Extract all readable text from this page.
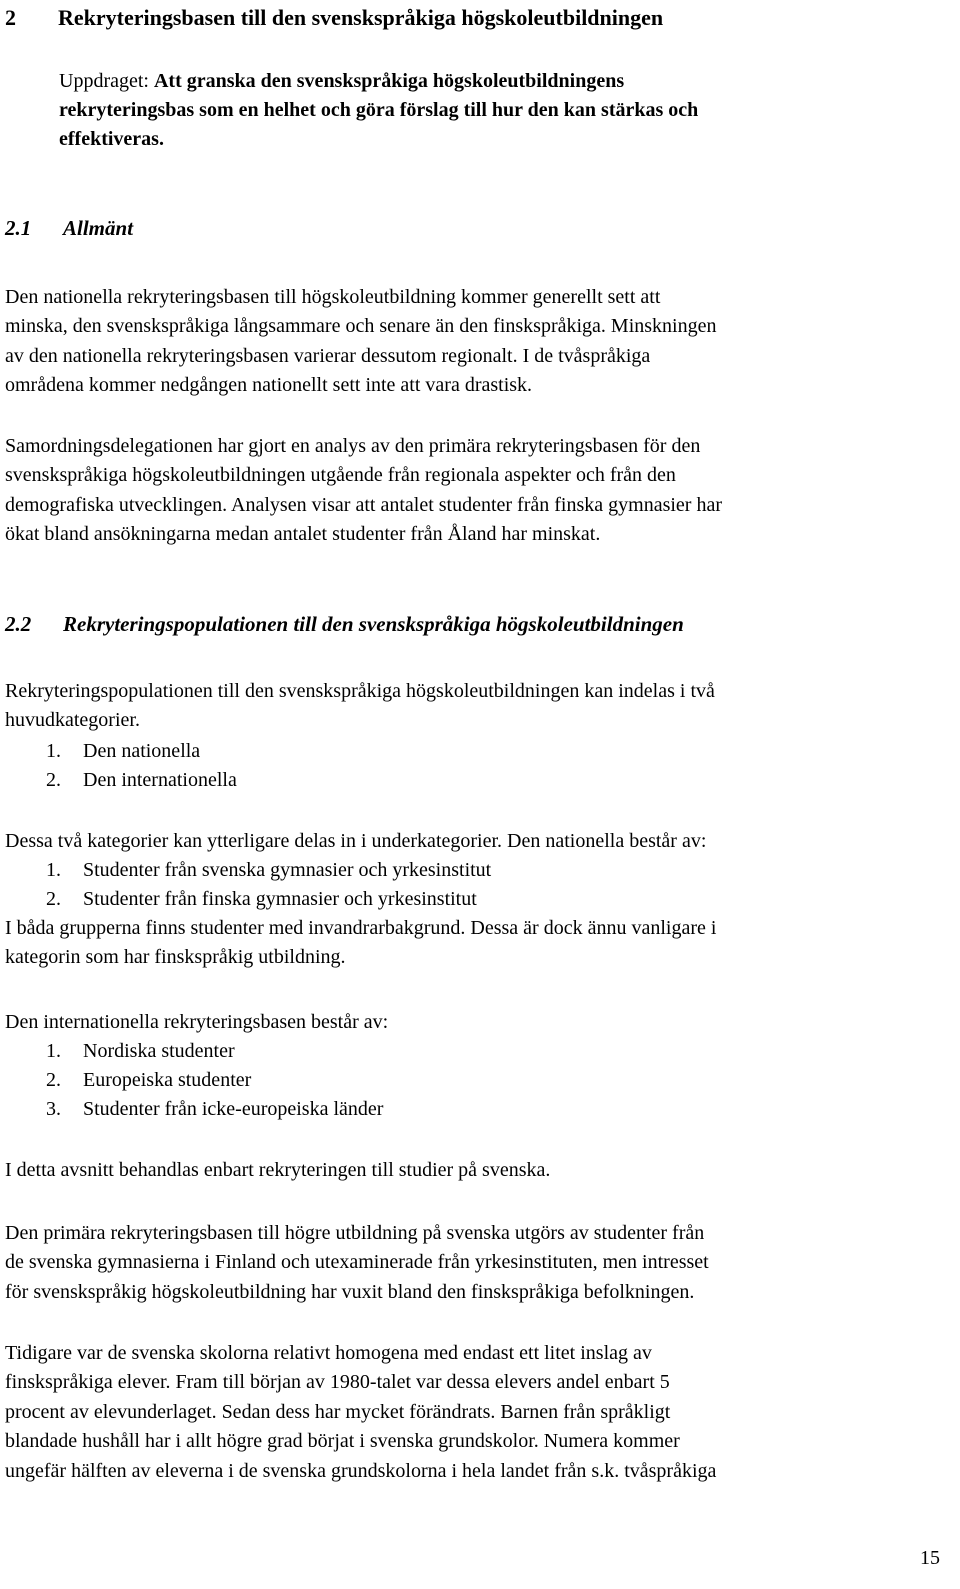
2 Rekryteringsbasen till den svenskspråkiga högskoleutbildningen
Uppdraget: Att granska den svenskspråkiga högskoleutbildningens
rekryteringsbas som en helhet och göra förslag till hur den kan stärkas och
effektiveras.
2.1 Allmänt
Den nationella rekryteringsbasen till högskoleutbildning kommer generellt sett att
minska, den svenskspråkiga långsammare och senare än den finskspråkiga. Minskningen
av den nationella rekryteringsbasen varierar dessutom regionalt. I de tvåspråkiga
områdena kommer nedgången nationellt sett inte att vara drastisk.
Samordningsdelegationen har gjort en analys av den primära rekryteringsbasen för den
svenskspråkiga högskoleutbildningen utgående från regionala aspekter och från den
demografiska utvecklingen. Analysen visar att antalet studenter från finska gymnasier har
ökat bland ansökningarna medan antalet studenter från Åland har minskat.
2.2 Rekryteringspopulationen till den svenskspråkiga högskoleutbildningen
Rekryteringspopulationen till den svenskspråkiga högskoleutbildningen kan indelas i två
huvudkategorier.
1. Den nationella
2. Den internationella
Dessa två kategorier kan ytterligare delas in i underkategorier. Den nationella består av:
1. Studenter från svenska gymnasier och yrkesinstitut
2. Studenter från finska gymnasier och yrkesinstitut
I båda grupperna finns studenter med invandrarbakgrund. Dessa är dock ännu vanligare i
kategorin som har finskspråkig utbildning.
Den internationella rekryteringsbasen består av:
1. Nordiska studenter
2. Europeiska studenter
3. Studenter från icke-europeiska länder
I detta avsnitt behandlas enbart rekryteringen till studier på svenska.
Den primära rekryteringsbasen till högre utbildning på svenska utgörs av studenter från
de svenska gymnasierna i Finland och utexaminerade från yrkesinstituten, men intresset
för svenskspråkig högskoleutbildning har vuxit bland den finskspråkiga befolkningen.
Tidigare var de svenska skolorna relativt homogena med endast ett litet inslag av
finskspråkiga elever. Fram till början av 1980-talet var dessa elevers andel enbart 5
procent av elevunderlaget. Sedan dess har mycket förändrats. Barnen från språkligt
blandade hushåll har i allt högre grad börjat i svenska grundskolor. Numera kommer
ungefär hälften av eleverna i de svenska grundskolorna i hela landet från s.k. tvåspråkiga
15
